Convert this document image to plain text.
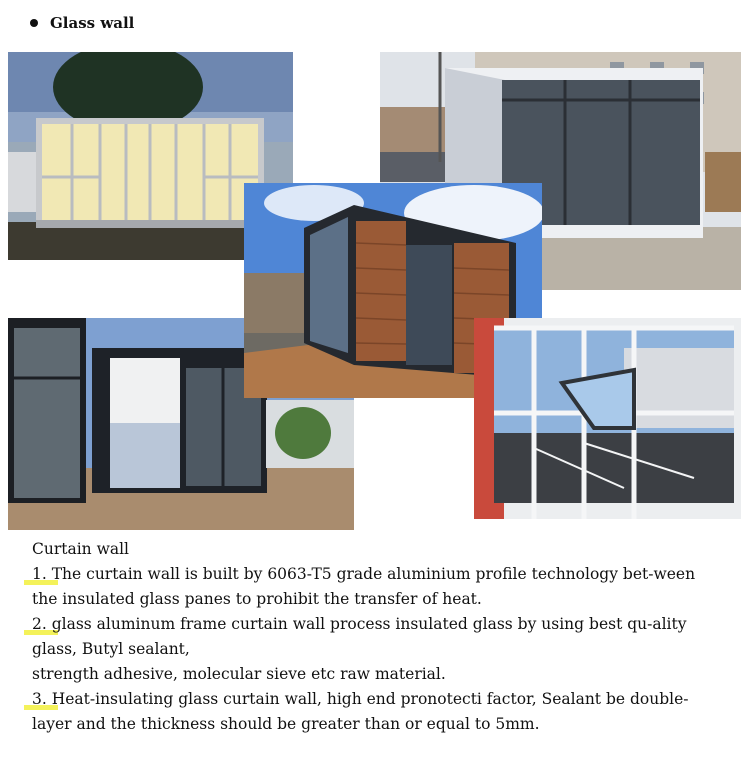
Glass wall

Curtain wall

1. The curtain wall is built by 6063-T5 grade aluminium profile technology bet-ween the insulated glass panes to prohibit the transfer of heat.

2. glass aluminum frame curtain wall process insulated glass by using best qu-ality glass, Butyl sealant,

strength adhesive, molecular sieve etc raw material.

3. Heat-insulating glass curtain wall, high end pronotecti factor, Sealant be double-layer and the thickness should be greater than or equal to 5mm.
